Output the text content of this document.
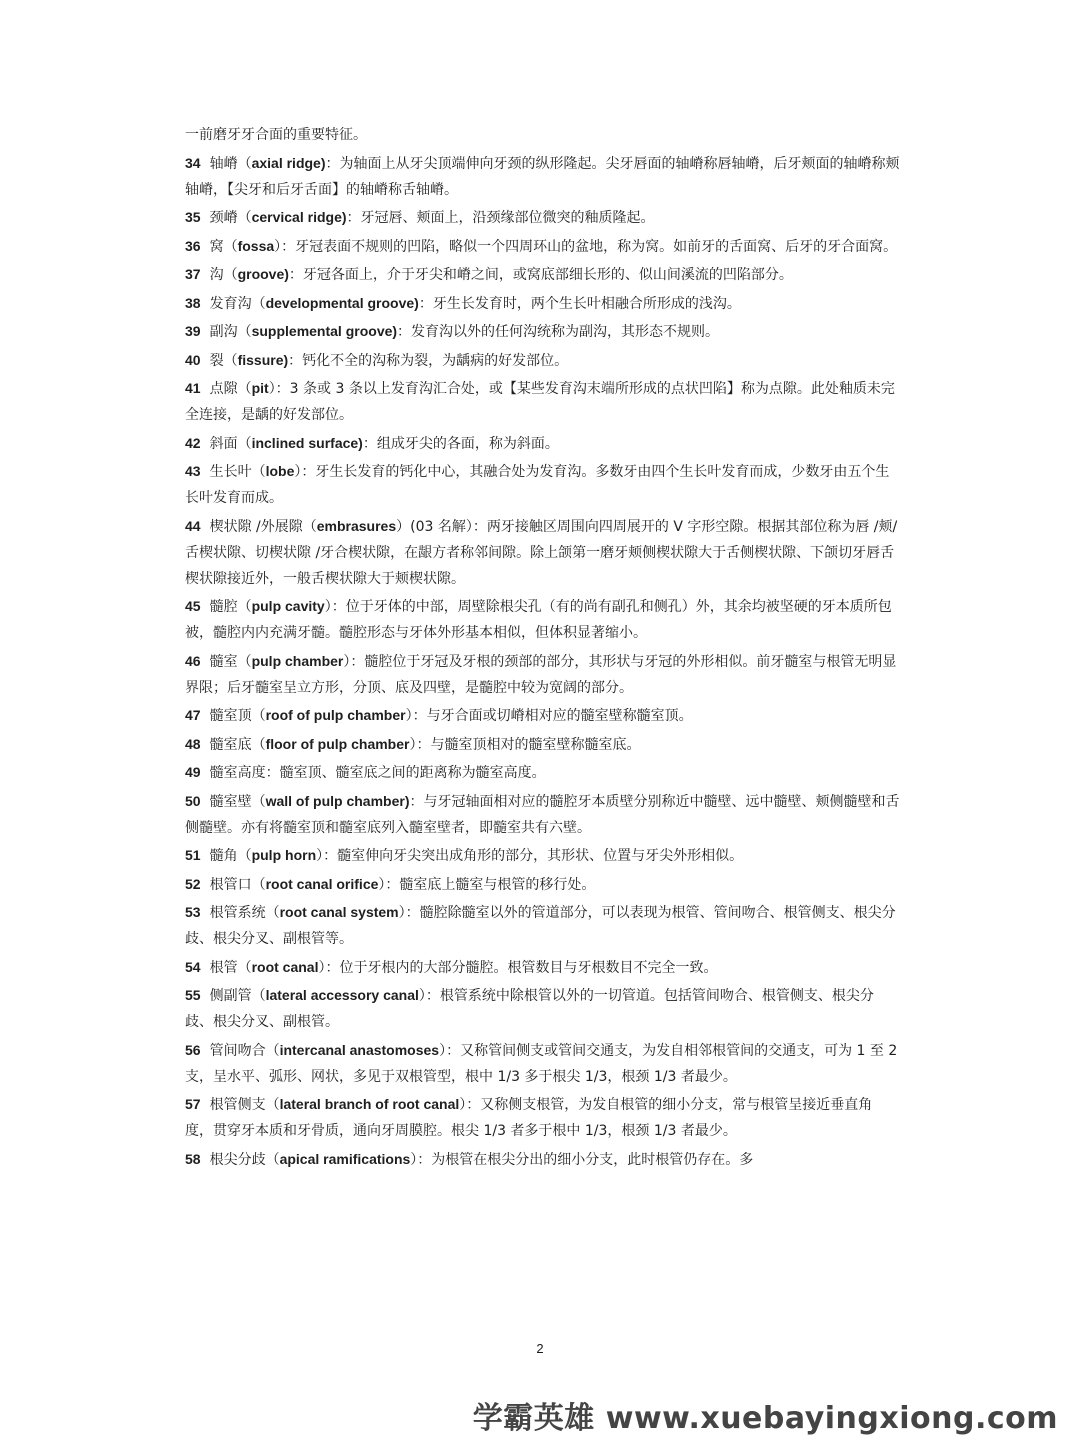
一前磨牙牙合面的重要特征。

34 轴嵴（axial ridge)：为轴面上从牙尖顶端伸向牙颈的纵形隆起。尖牙唇面的轴嵴称唇轴嵴，后牙颊面的轴嵴称颊轴嵴，【尖牙和后牙舌面】的轴嵴称舌轴嵴。

35 颈嵴（cervical ridge)：牙冠唇、颊面上，沿颈缘部位微突的釉质隆起。

36 窝（fossa）：牙冠表面不规则的凹陷，略似一个四周环山的盆地，称为窝。如前牙的舌面窝、后牙的牙合面窝。

37 沟（groove)：牙冠各面上，介于牙尖和嵴之间，或窝底部细长形的、似山间溪流的凹陷部分。

38 发育沟（developmental groove)：牙生长发育时，两个生长叶相融合所形成的浅沟。

39 副沟（supplemental groove)：发育沟以外的任何沟统称为副沟，其形态不规则。

40 裂（fissure)：钙化不全的沟称为裂，为龋病的好发部位。

41 点隙（pit）：3 条或 3 条以上发育沟汇合处，或【某些发育沟末端所形成的点状凹陷】称为点隙。此处釉质未完全连接，是龋的好发部位。

42 斜面（inclined surface)：组成牙尖的各面，称为斜面。

43 生长叶（lobe）：牙生长发育的钙化中心，其融合处为发育沟。多数牙由四个生长叶发育而成，少数牙由五个生长叶发育而成。

44 楔状隙 /外展隙（embrasures）(03 名解）：两牙接触区周围向四周展开的 V 字形空隙。根据其部位称为唇 /颊/舌楔状隙、切楔状隙 /牙合楔状隙，在龈方者称邻间隙。除上颌第一磨牙颊侧楔状隙大于舌侧楔状隙、下颌切牙唇舌楔状隙接近外，一般舌楔状隙大于颊楔状隙。

45 髓腔（pulp cavity）：位于牙体的中部，周壁除根尖孔（有的尚有副孔和侧孔）外，其余均被坚硬的牙本质所包被，髓腔内内充满牙髓。髓腔形态与牙体外形基本相似，但体积显著缩小。

46 髓室（pulp chamber）：髓腔位于牙冠及牙根的颈部的部分，其形状与牙冠的外形相似。前牙髓室与根管无明显界限；后牙髓室呈立方形，分顶、底及四壁，是髓腔中较为宽阔的部分。

47 髓室顶（roof of pulp chamber）：与牙合面或切嵴相对应的髓室壁称髓室顶。

48 髓室底（floor of pulp chamber）：与髓室顶相对的髓室壁称髓室底。

49 髓室高度：髓室顶、髓室底之间的距离称为髓室高度。

50 髓室壁（wall of pulp chamber)：与牙冠轴面相对应的髓腔牙本质壁分别称近中髓壁、远中髓壁、颊侧髓壁和舌侧髓壁。亦有将髓室顶和髓室底列入髓室壁者，即髓室共有六壁。

51 髓角（pulp horn）：髓室伸向牙尖突出成角形的部分，其形状、位置与牙尖外形相似。

52 根管口（root canal orifice）：髓室底上髓室与根管的移行处。

53 根管系统（root canal system）：髓腔除髓室以外的管道部分，可以表现为根管、管间吻合、根管侧支、根尖分歧、根尖分叉、副根管等。

54 根管（root canal）：位于牙根内的大部分髓腔。根管数目与牙根数目不完全一致。

55 侧副管（lateral accessory canal）：根管系统中除根管以外的一切管道。包括管间吻合、根管侧支、根尖分歧、根尖分叉、副根管。

56 管间吻合（intercanal anastomoses）：又称管间侧支或管间交通支，为发自相邻根管间的交通支，可为 1 至 2 支，呈水平、弧形、网状，多见于双根管型，根中 1/3 多于根尖 1/3，根颈 1/3 者最少。

57 根管侧支（lateral branch of root canal）：又称侧支根管，为发自根管的细小分支，常与根管呈接近垂直角度，贯穿牙本质和牙骨质，通向牙周膜腔。根尖 1/3 者多于根中 1/3，根颈 1/3 者最少。

58 根尖分歧（apical ramifications）：为根管在根尖分出的细小分支，此时根管仍存在。多

2
学霸英雄 www.xuebayingxiong.com
